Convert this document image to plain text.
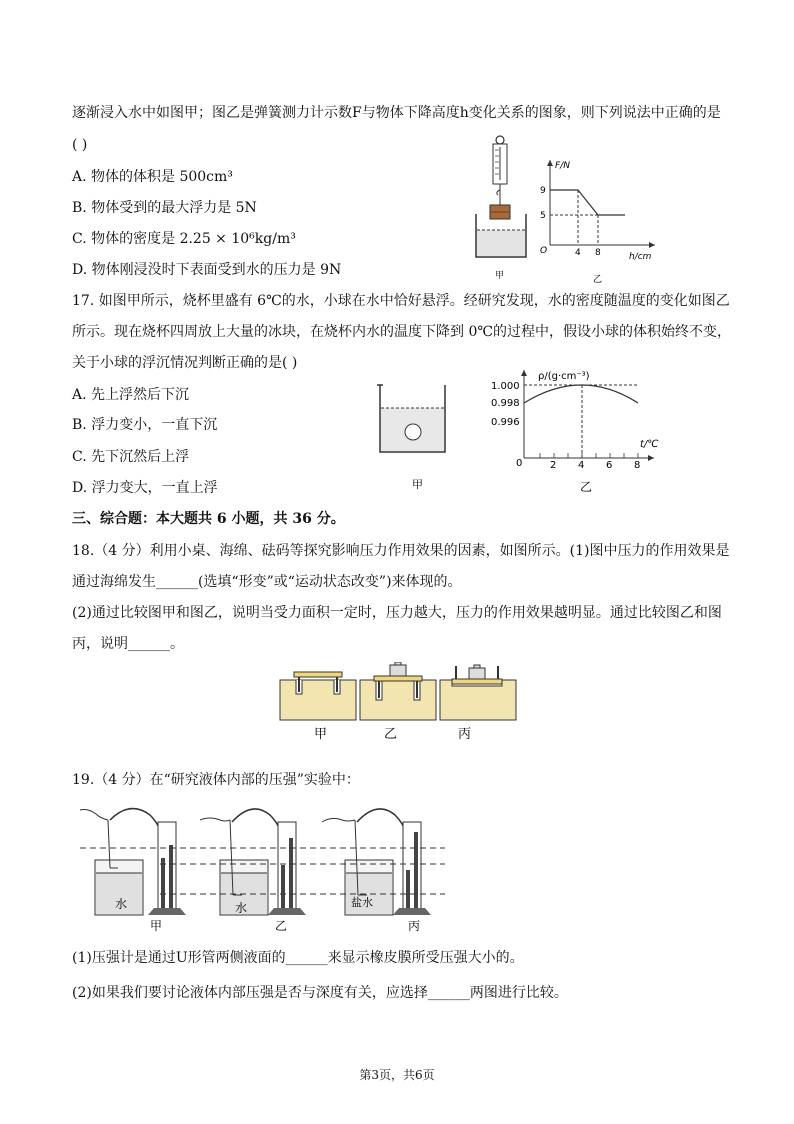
逐渐浸入水中如图甲；图乙是弹簧测力计示数F与物体下降高度h变化关系的图象，则下列说法中正确的是
( )
A. 物体的体积是 500cm³
B. 物体受到的最大浮力是 5N
C. 物体的密度是 2.25 × 10⁶kg/m³
D. 物体刚浸没时下表面受到水的压力是 9N	甲
F/N
h/cm
O
9
5
4 8
乙
17. 如图甲所示，烧杯里盛有 6℃的水，小球在水中恰好悬浮。经研究发现，水的密度随温度的变化如图乙
所示。现在烧杯四周放上大量的冰块，在烧杯内水的温度下降到 0℃的过程中，假设小球的体积始终不变，
关于小球的浮沉情况判断正确的是( )
A. 先上浮然后下沉
B. 浮力变小，一直下沉
C. 先下沉然后上浮
D. 浮力变大，一直上浮	甲
ρ/(g·cm⁻³)
t/℃
0
1.000
0.998
0.996
2 4 6 8
乙
三、综合题：本大题共 6 小题，共 36 分。
18.（4 分）利用小桌、海绵、砝码等探究影响压力作用效果的因素，如图所示。(1)图中压力的作用效果是
通过海绵发生______(选填“形变”或“运动状态改变”)来体现的。
(2)通过比较图甲和图乙，说明当受力面积一定时，压力越大，压力的作用效果越明显。通过比较图乙和图
丙，说明______。
甲	乙	丙
19.（4 分）在“研究液体内部的压强”实验中：
水
甲
水
乙
盐水
丙
(1)压强计是通过U形管两侧液面的______来显示橡皮膜所受压强大小的。
(2)如果我们要讨论液体内部压强是否与深度有关，应选择______两图进行比较。
第3页，共6页
